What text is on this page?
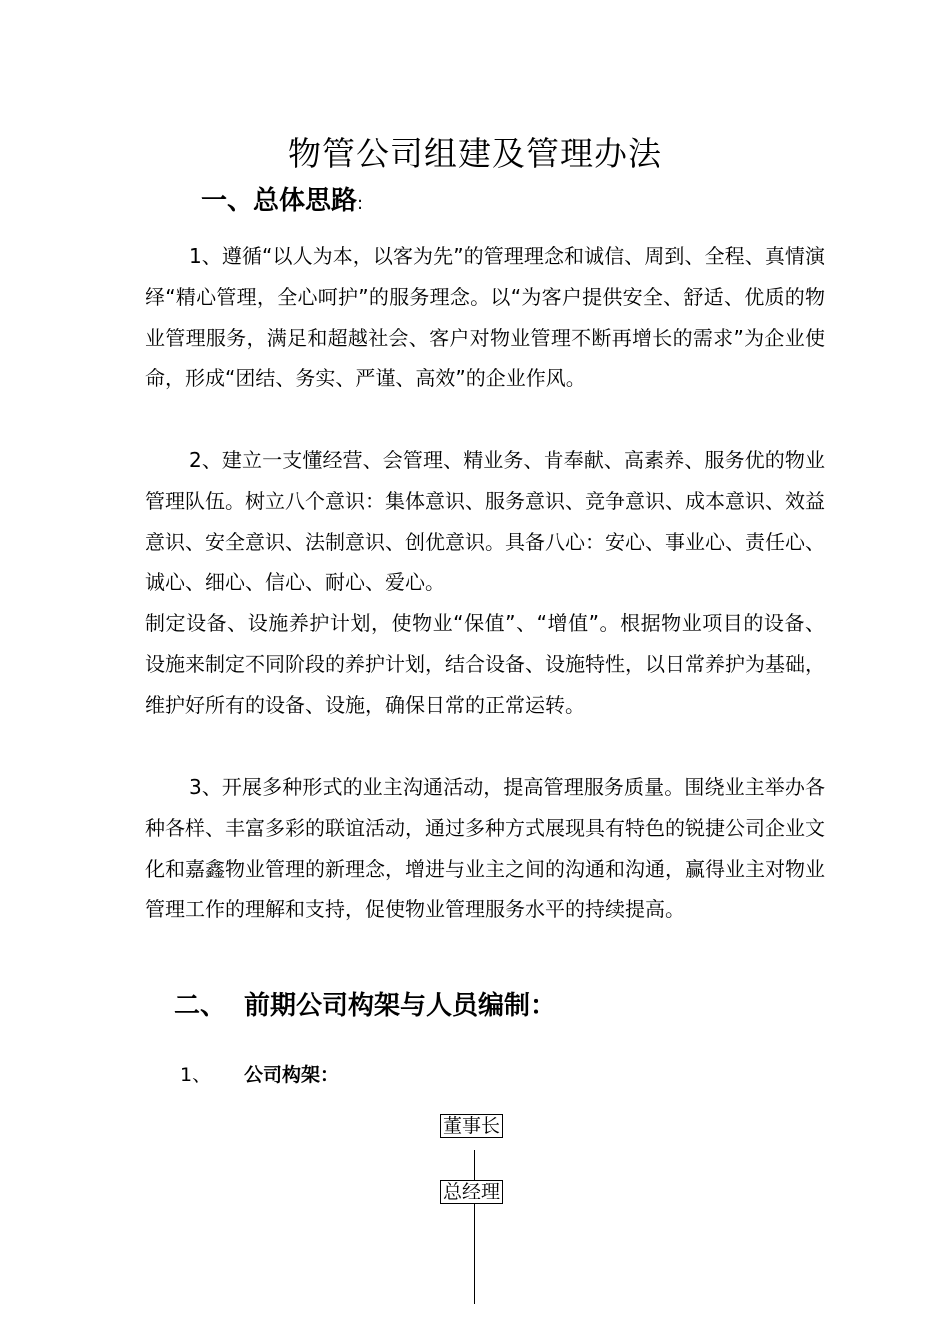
物管公司组建及管理办法
一、总体思路:

1、遵循“以人为本，以客为先”的管理理念和诚信、周到、全程、真情演绎“精心管理，全心呵护”的服务理念。以“为客户提供安全、舒适、优质的物业管理服务，满足和超越社会、客户对物业管理不断再增长的需求”为企业使命，形成“团结、务实、严谨、高效”的企业作风。

2、建立一支懂经营、会管理、精业务、肯奉献、高素养、服务优的物业管理队伍。树立八个意识：集体意识、服务意识、竞争意识、成本意识、效益意识、安全意识、法制意识、创优意识。具备八心：安心、事业心、责任心、诚心、细心、信心、耐心、爱心。

制定设备、设施养护计划，使物业“保值”、“增值”。根据物业项目的设备、设施来制定不同阶段的养护计划，结合设备、设施特性，以日常养护为基础，维护好所有的设备、设施，确保日常的正常运转。

3、开展多种形式的业主沟通活动，提高管理服务质量。围绕业主举办各种各样、丰富多彩的联谊活动，通过多种方式展现具有特色的锐捷公司企业文化和嘉鑫物业管理的新理念，增进与业主之间的沟通和沟通，赢得业主对物业管理工作的理解和支持，促使物业管理服务水平的持续提高。

二、 前期公司构架与人员编制：
1、 公司构架：
董事长
总经理
